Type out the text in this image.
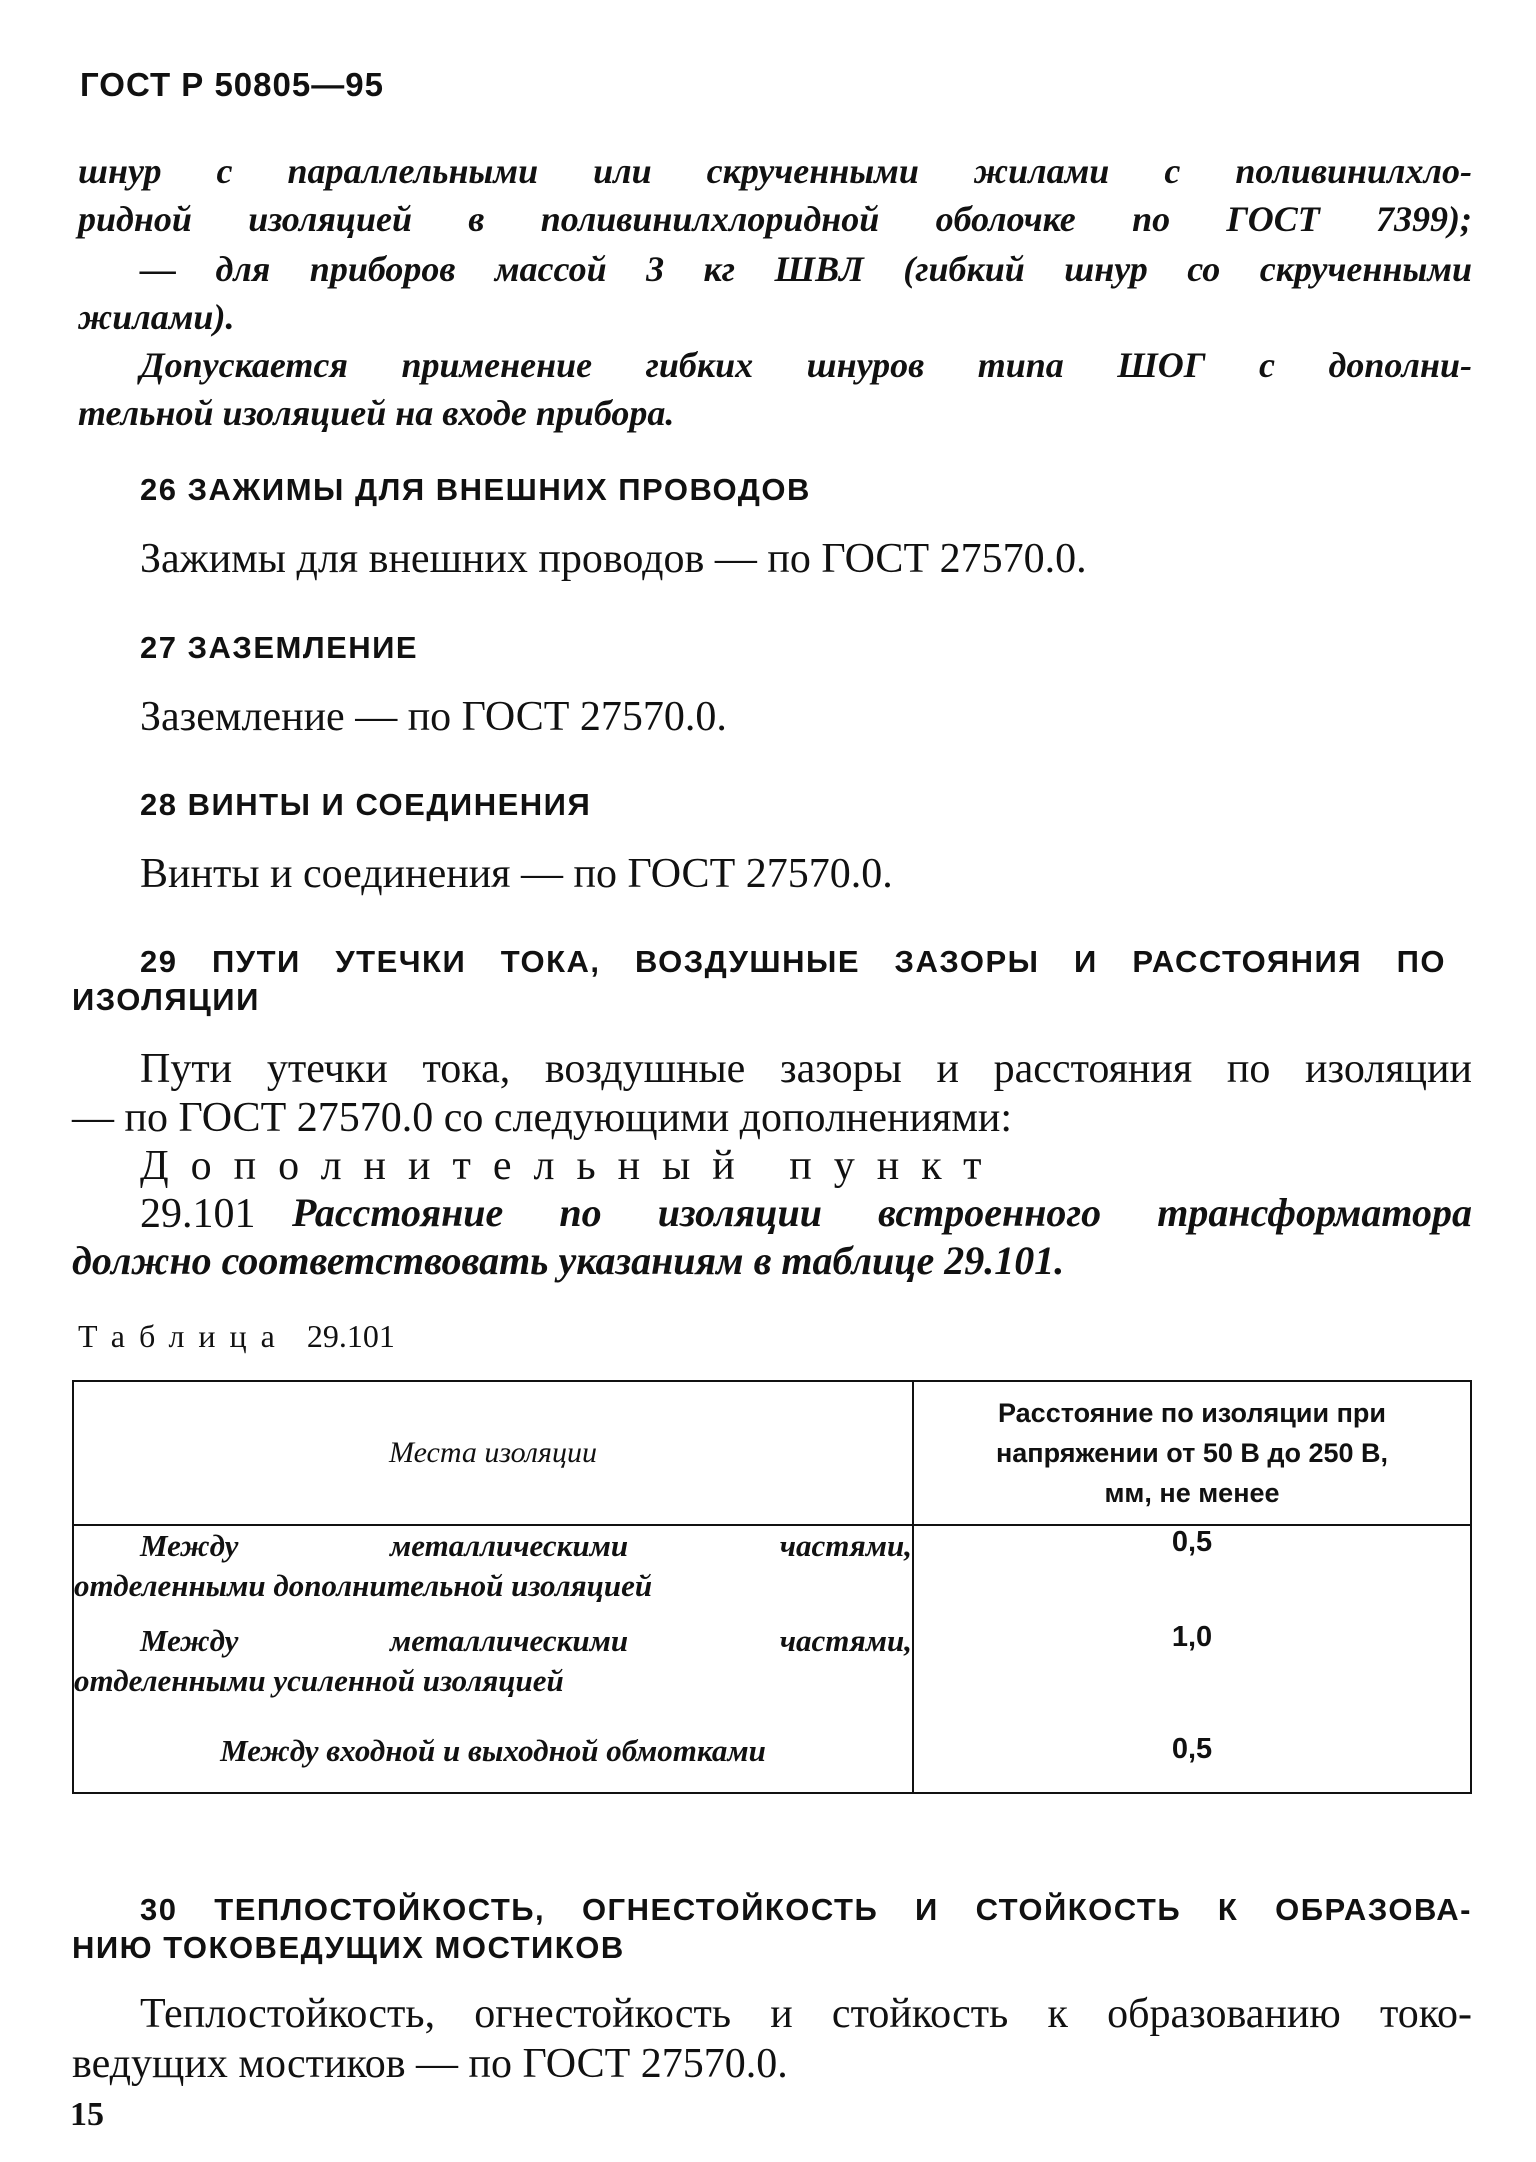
ГОСТ Р 50805—95
шнур с параллельными или скрученными жилами с поливинилхло-
ридной изоляцией в поливинилхлоридной оболочке по ГОСТ 7399);
— для приборов массой 3 кг ШВЛ (гибкий шнур со скрученными
жилами).
Допускается применение гибких шнуров типа ШОГ с дополни-
тельной изоляцией на входе прибора.
26 ЗАЖИМЫ ДЛЯ ВНЕШНИХ ПРОВОДОВ
Зажимы для внешних проводов — по ГОСТ 27570.0.
27 ЗАЗЕМЛЕНИЕ
Заземление — по ГОСТ 27570.0.
28 ВИНТЫ И СОЕДИНЕНИЯ
Винты и соединения — по ГОСТ 27570.0.
29 ПУТИ УТЕЧКИ ТОКА, ВОЗДУШНЫЕ ЗАЗОРЫ И РАССТОЯНИЯ ПО
ИЗОЛЯЦИИ
Пути утечки тока, воздушные зазоры и расстояния по изоляции
— по ГОСТ 27570.0 со следующими дополнениями:
Дополнительный пункт
29.101 Расстояние по изоляции встроенного трансформатора
должно соответствовать указаниям в таблице 29.101.
Таблица 29.101
Места изоляции	Расстояние по изоляции при
напряжении от 50 В до 250 В,
мм, не менее

Между металлическими частями,
отделенными дополнительной изоляцией	0,5

Между металлическими частями,
отделенными усиленной изоляцией	1,0
Между входной и выходной обмотками	0,5
30 ТЕПЛОСТОЙКОСТЬ, ОГНЕСТОЙКОСТЬ И СТОЙКОСТЬ К ОБРАЗОВА-
НИЮ ТОКОВЕДУЩИХ МОСТИКОВ
Теплостойкость, огнестойкость и стойкость к образованию токо-
ведущих мостиков — по ГОСТ 27570.0.
15
